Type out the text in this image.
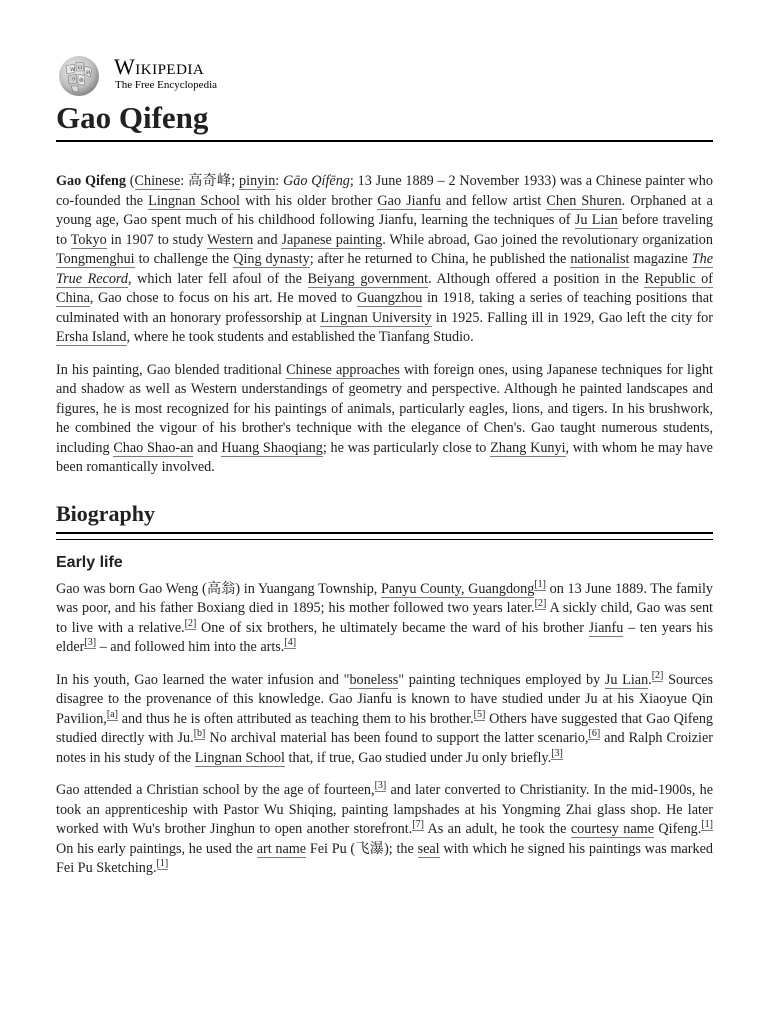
W Ω
И
ウ 維
Wikipedia
The Free Encyclopedia
Gao Qifeng

Gao Qifeng (Chinese: 高奇峰; pinyin: Gāo Qífēng; 13 June 1889 – 2 November 1933) was a Chinese painter who co-founded the Lingnan School with his older brother Gao Jianfu and fellow artist Chen Shuren. Orphaned at a young age, Gao spent much of his childhood following Jianfu, learning the techniques of Ju Lian before traveling to Tokyo in 1907 to study Western and Japanese painting. While abroad, Gao joined the revolutionary organization Tongmenghui to challenge the Qing dynasty; after he returned to China, he published the nationalist magazine The True Record, which later fell afoul of the Beiyang government. Although offered a position in the Republic of China, Gao chose to focus on his art. He moved to Guangzhou in 1918, taking a series of teaching positions that culminated with an honorary professorship at Lingnan University in 1925. Falling ill in 1929, Gao left the city for Ersha Island, where he took students and established the Tianfang Studio.

In his painting, Gao blended traditional Chinese approaches with foreign ones, using Japanese techniques for light and shadow as well as Western understandings of geometry and perspective. Although he painted landscapes and figures, he is most recognized for his paintings of animals, particularly eagles, lions, and tigers. In his brushwork, he combined the vigour of his brother's technique with the elegance of Chen's. Gao taught numerous students, including Chao Shao-an and Huang Shaoqiang; he was particularly close to Zhang Kunyi, with whom he may have been romantically involved.

Biography
Early life

Gao was born Gao Weng (高翁) in Yuangang Township, Panyu County, Guangdong[1] on 13 June 1889. The family was poor, and his father Boxiang died in 1895; his mother followed two years later.[2] A sickly child, Gao was sent to live with a relative.[2] One of six brothers, he ultimately became the ward of his brother Jianfu – ten years his elder[3] – and followed him into the arts.[4]

In his youth, Gao learned the water infusion and "boneless" painting techniques employed by Ju Lian.[2] Sources disagree to the provenance of this knowledge. Gao Jianfu is known to have studied under Ju at his Xiaoyue Qin Pavilion,[a] and thus he is often attributed as teaching them to his brother.[5] Others have suggested that Gao Qifeng studied directly with Ju.[b] No archival material has been found to support the latter scenario,[6] and Ralph Croizier notes in his study of the Lingnan School that, if true, Gao studied under Ju only briefly.[3]

Gao attended a Christian school by the age of fourteen,[3] and later converted to Christianity. In the mid-1900s, he took an apprenticeship with Pastor Wu Shiqing, painting lampshades at his Yongming Zhai glass shop. He later worked with Wu's brother Jinghun to open another storefront.[7] As an adult, he took the courtesy name Qifeng.[1] On his early paintings, he used the art name Fei Pu (飞瀑); the seal with which he signed his paintings was marked Fei Pu Sketching.[1]
